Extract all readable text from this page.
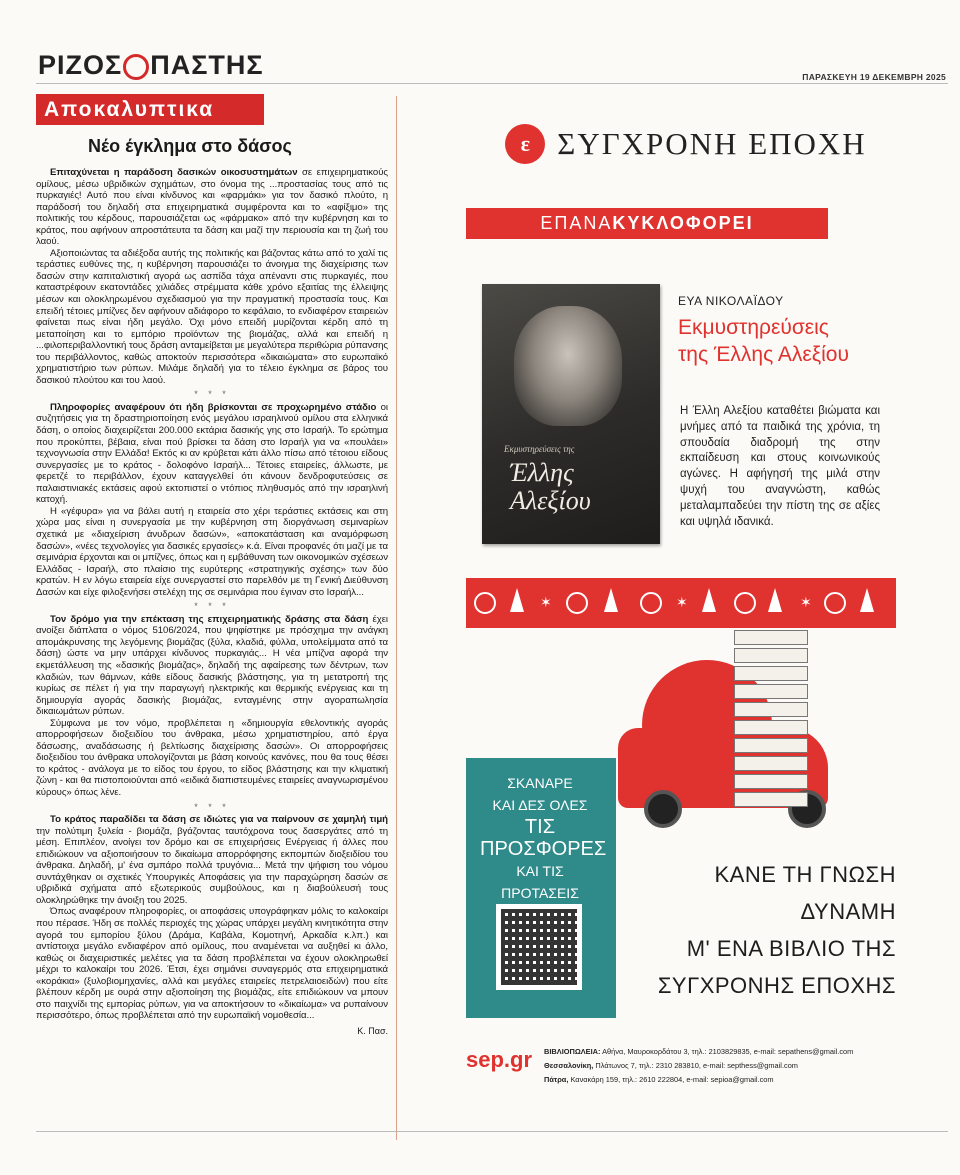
ΡΙΖΟΣ ΠΑΣΤΗΣ	ΠΑΡΑΣΚΕΥΗ 19 ΔΕΚΕΜΒΡΗ 2025
Αποκαλυπτικα
Νέο έγκλημα στο δάσος

Επιταχύνεται η παράδοση δασικών οικοσυστημάτων σε επιχειρηματικούς ομίλους, μέσω υβριδικών σχημάτων, στο όνομα της ...προστασίας τους από τις πυρκαγιές! Αυτό που είναι κίνδυνος και «φαρμάκι» για τον δασικό πλούτο, η παράδοσή του δηλαδή στα επιχειρηματικά συμφέροντα και το «αφίξιμο» της πολιτικής του κέρδους, παρουσιάζεται ως «φάρμακο» από την κυβέρνηση και το κράτος, που αφήνουν απροστάτευτα τα δάση και μαζί την περιουσία και τη ζωή του λαού.

Αξιοποιώντας τα αδιέξοδα αυτής της πολιτικής και βάζοντας κάτω από το χαλί τις τεράστιες ευθύνες της, η κυβέρνηση παρουσιάζει το άνοιγμα της διαχείρισης των δασών στην καπιταλιστική αγορά ως ασπίδα τάχα απέναντι στις πυρκαγιές, που καταστρέφουν εκατοντάδες χιλιάδες στρέμματα κάθε χρόνο εξαιτίας της έλλειψης μέσων και ολοκληρωμένου σχεδιασμού για την πραγματική προστασία τους. Και επειδή τέτοιες μπίζνες δεν αφήνουν αδιάφορο το κεφάλαιο, το ενδιαφέρον εταιρειών φαίνεται πως είναι ήδη μεγάλο. Όχι μόνο επειδή μυρίζονται κέρδη από τη μεταποίηση και το εμπόριο προϊόντων της βιομάζας, αλλά και επειδή η ...φιλοπεριβαλλοντική τους δράση ανταμείβεται με μεγαλύτερα περιθώρια ρύπανσης του περιβάλλοντος, καθώς αποκτούν περισσότερα «δικαιώματα» στο ευρωπαϊκό χρηματιστήριο των ρύπων. Μιλάμε δηλαδή για το τέλειο έγκλημα σε βάρος του δασικού πλούτου και του λαού.

* * *

Πληροφορίες αναφέρουν ότι ήδη βρίσκονται σε προχωρημένο στάδιο οι συζητήσεις για τη δραστηριοποίηση ενός μεγάλου ισραηλινού ομίλου στα ελληνικά δάση, ο οποίος διαχειρίζεται 200.000 εκτάρια δασικής γης στο Ισραήλ. Το ερώτημα που προκύπτει, βέβαια, είναι πού βρίσκει τα δάση στο Ισραήλ για να «πουλάει» τεχνογνωσία στην Ελλάδα! Εκτός κι αν κρύβεται κάτι άλλο πίσω από τέτοιου είδους συνεργασίες με το κράτος - δολοφόνο Ισραήλ... Τέτοιες εταιρείες, άλλωστε, με φερετζέ το περιβάλλον, έχουν καταγγελθεί ότι κάνουν δενδροφυτεύσεις σε παλαιστινιακές εκτάσεις αφού εκτοπιστεί ο ντόπιος πληθυσμός από την ισραηλινή κατοχή.

Η «γέφυρα» για να βάλει αυτή η εταιρεία στο χέρι τεράστιες εκτάσεις και στη χώρα μας είναι η συνεργασία με την κυβέρνηση στη διοργάνωση σεμιναρίων σχετικά με «διαχείριση άνυδρων δασών», «αποκατάσταση και αναμόρφωση δασών», «νέες τεχνολογίες για δασικές εργασίες» κ.ά. Είναι προφανές ότι μαζί με τα σεμινάρια έρχονται και οι μπίζνες, όπως και η εμβάθυνση των οικονομικών σχέσεων Ελλάδας - Ισραήλ, στο πλαίσιο της ευρύτερης «στρατηγικής σχέσης» των δύο κρατών. Η εν λόγω εταιρεία είχε συνεργαστεί στο παρελθόν με τη Γενική Διεύθυνση Δασών και είχε φιλοξενήσει στελέχη της σε σεμινάρια που έγιναν στο Ισραήλ...

* * *

Τον δρόμο για την επέκταση της επιχειρηματικής δράσης στα δάση έχει ανοίξει διάπλατα ο νόμος 5106/2024, που ψηφίστηκε με πρόσχημα την ανάγκη απομάκρυνσης της λεγόμενης βιομάζας (ξύλα, κλαδιά, φύλλα, υπολείμματα από τα δάση) ώστε να μην υπάρχει κίνδυνος πυρκαγιάς... Η νέα μπίζνα αφορά την εκμετάλλευση της «δασικής βιομάζας», δηλαδή της αφαίρεσης των δέντρων, των κλαδιών, των θάμνων, κάθε είδους δασικής βλάστησης, για τη μετατροπή της κυρίως σε πέλετ ή για την παραγωγή ηλεκτρικής και θερμικής ενέργειας και τη δημιουργία αγοράς δασικής βιομάζας, ενταγμένης στην αγοραπωλησία δικαιωμάτων ρύπων.

Σύμφωνα με τον νόμο, προβλέπεται η «δημιουργία εθελοντικής αγοράς απορροφήσεων διοξειδίου του άνθρακα, μέσω χρηματιστηρίου, από έργα δάσωσης, αναδάσωσης ή βελτίωσης διαχείρισης δασών». Οι απορροφήσεις διοξειδίου του άνθρακα υπολογίζονται με βάση κοινούς κανόνες, που θα τους θέσει το κράτος - ανάλογα με το είδος του έργου, το είδος βλάστησης και την κλιματική ζώνη - και θα πιστοποιούνται από «ειδικά διαπιστευμένες εταιρείες αναγνωρισμένου κύρους» όπως λένε.

* * *

Το κράτος παραδίδει τα δάση σε ιδιώτες για να παίρνουν σε χαμηλή τιμή την πολύτιμη ξυλεία - βιομάζα, βγάζοντας ταυτόχρονα τους δασεργάτες από τη μέση. Επιπλέον, ανοίγει τον δρόμο και σε επιχειρήσεις Ενέργειας ή άλλες που επιδιώκουν να αξιοποιήσουν το δικαίωμα απορρόφησης εκπομπών διοξειδίου του άνθρακα. Δηλαδή, μ' ένα σμπάρο πολλά τρυγόνια... Μετά την ψήφιση του νόμου συντάχθηκαν οι σχετικές Υπουργικές Αποφάσεις για την παραχώρηση δασών σε υβριδικά σχήματα από εξωτερικούς συμβούλους, και η διαβούλευσή τους ολοκληρώθηκε την άνοιξη του 2025.

Όπως αναφέρουν πληροφορίες, οι αποφάσεις υπογράφηκαν μόλις το καλοκαίρι που πέρασε. Ήδη σε πολλές περιοχές της χώρας υπάρχει μεγάλη κινητικότητα στην αγορά του εμπορίου ξύλου (Δράμα, Καβάλα, Κομοτηνή, Αρκαδία κ.λπ.) και αντίστοιχα μεγάλο ενδιαφέρον από ομίλους, που αναμένεται να αυξηθεί κι άλλο, καθώς οι διαχειριστικές μελέτες για τα δάση προβλέπεται να έχουν ολοκληρωθεί μέχρι το καλοκαίρι του 2026. Έτσι, έχει σημάνει συναγερμός στα επιχειρηματικά «κοράκια» (ξυλοβιομηχανίες, αλλά και μεγάλες εταιρείες πετρελαιοειδών) που είτε βλέπουν κέρδη με ουρά στην αξιοποίηση της βιομάζας, είτε επιδιώκουν να μπουν στο παιχνίδι της εμπορίας ρύπων, για να αποκτήσουν το «δικαίωμα» να ρυπαίνουν περισσότερο, όπως προβλέπεται από την ευρωπαϊκή νομοθεσία...

Κ. Πασ.
ε ΣΥΓΧΡΟΝΗ ΕΠΟΧΗ
ΕΠΑΝΑΚΥΚΛΟΦΟΡΕΙ
Εκμυστηρεύσεις της
Έλλης
Αλεξίου
ΕΥΑ ΝΙΚΟΛΑΪΔΟΥ
Εκμυστηρεύσεις
της Έλλης Αλεξίου
Η Έλλη Αλεξίου καταθέτει βιώματα και μνήμες από τα παιδικά της χρόνια, τη σπουδαία διαδρομή της στην εκπαίδευση και στους κοινωνικούς αγώνες. Η αφήγησή της μιλά στην ψυχή του αναγνώστη, καθώς μεταλαμπαδεύει την πίστη της σε αξίες και υψηλά ιδανικά.
✶	✶	✶
ΣΚΑΝΑΡΕ
ΚΑΙ ΔΕΣ ΟΛΕΣ
ΤΙΣ ΠΡΟΣΦΟΡΕΣ
ΚΑΙ ΤΙΣ ΠΡΟΤΑΣΕΙΣ
ΚΑΝΕ ΤΗ ΓΝΩΣΗ ΔΥΝΑΜΗ
Μ' ΕΝΑ ΒΙΒΛΙΟ ΤΗΣ
ΣΥΓΧΡΟΝΗΣ ΕΠΟΧΗΣ
sep.gr ΒΙΒΛΙΟΠΩΛΕΙΑ: Αθήνα, Μαυροκορδάτου 3, τηλ.: 2103829835, e-mail: sepathens@gmail.com
Θεσσαλονίκη, Πλάτωνος 7, τηλ.: 2310 283810, e-mail: septhess@gmail.com
Πάτρα, Κανακάρη 159, τηλ.: 2610 222804, e-mail: sepioa@gmail.com
